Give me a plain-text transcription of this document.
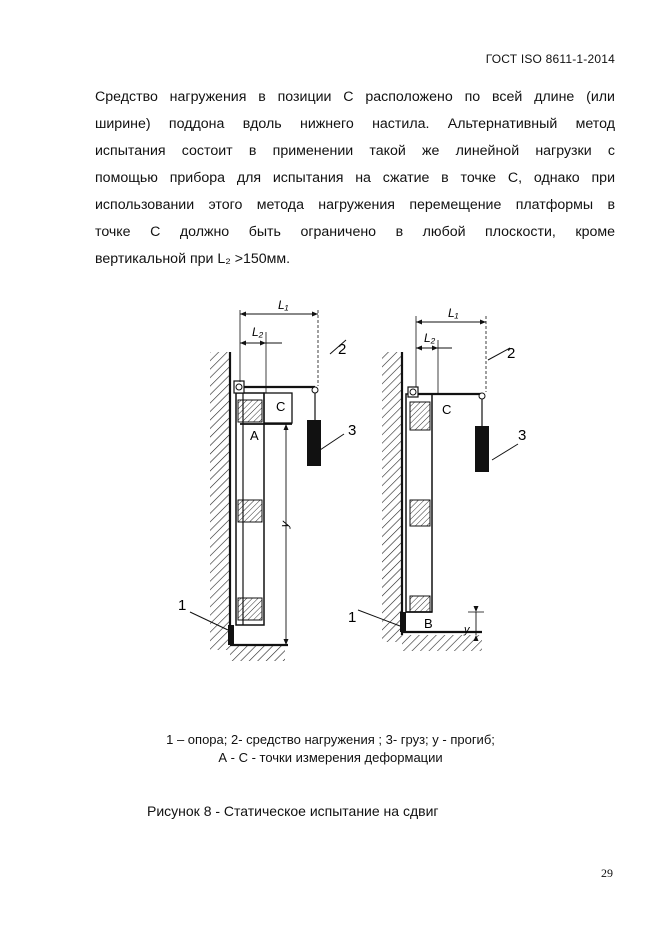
ГОСТ ISO 8611-1-2014
Средство нагружения в позиции С расположено по всей длине (или
ширине) поддона вдоль нижнего настила. Альтернативный метод
испытания состоит в применении такой же линейной нагрузки с
помощью прибора для испытания на сжатие в точке С, однако при
использовании этого метода нагружения перемещение платформы в
точке С должно быть ограничено в любой плоскости, кроме
вертикальной при L₂ >150мм.
L₁
L₂
y
С
А
2
3
1
L₁
L₂
y
С
В
2
3
1
1 – опора; 2- средство нагружения ; 3- груз; у - прогиб;
А - С - точки измерения деформации
Рисунок 8 - Статическое испытание на сдвиг
29
